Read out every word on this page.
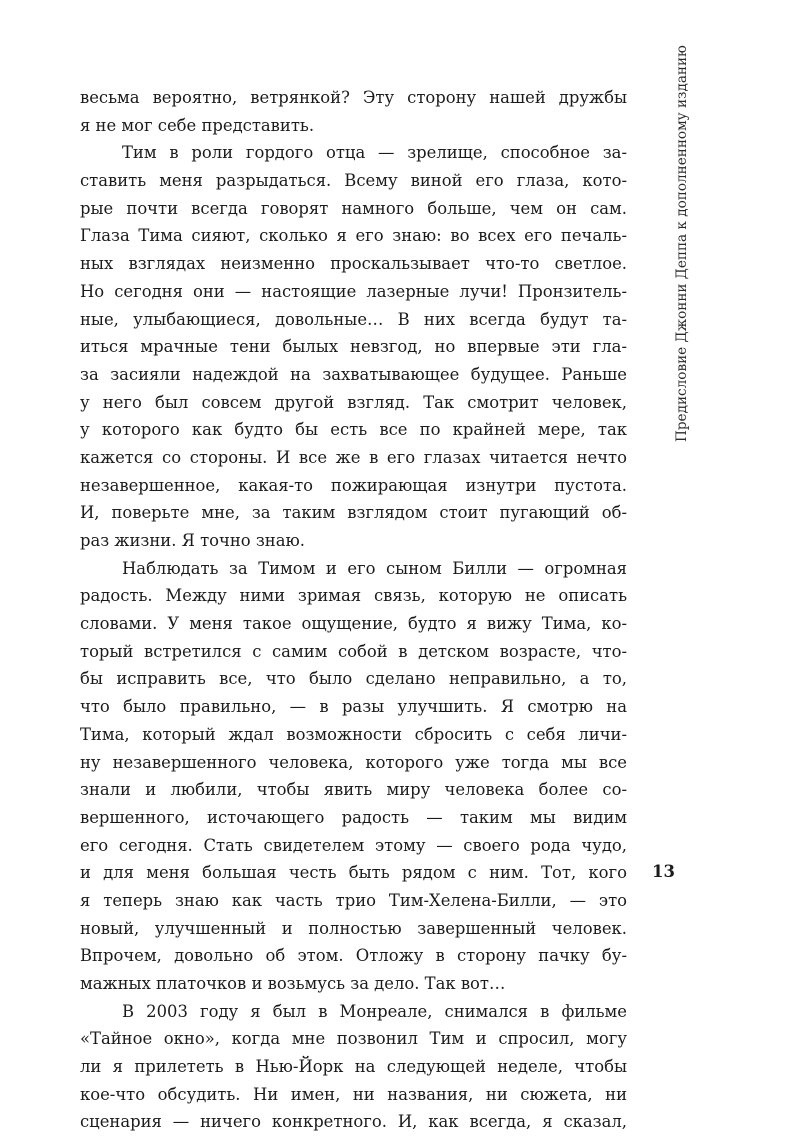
весьма вероятно, ветрянкой? Эту сторону нашей дружбы
я не мог себе представить.
Тим в роли гордого отца — зрелище, способное за-
ставить меня разрыдаться. Всему виной его глаза, кото-
рые почти всегда говорят намного больше, чем он сам.
Глаза Тима сияют, сколько я его знаю: во всех его печаль-
ных взглядах неизменно проскальзывает что-то светлое.
Но сегодня они — настоящие лазерные лучи! Пронзитель-
ные, улыбающиеся, довольные… В них всегда будут та-
иться мрачные тени былых невзгод, но впервые эти гла-
за засияли надеждой на захватывающее будущее. Раньше
у него был совсем другой взгляд. Так смотрит человек,
у которого как будто бы есть все по крайней мере, так
кажется со стороны. И все же в его глазах читается нечто
незавершенное, какая-то пожирающая изнутри пустота.
И, поверьте мне, за таким взглядом стоит пугающий об-
раз жизни. Я точно знаю.
Наблюдать за Тимом и его сыном Билли — огромная
радость. Между ними зримая связь, которую не описать
словами. У меня такое ощущение, будто я вижу Тима, ко-
торый встретился с самим собой в детском возрасте, что-
бы исправить все, что было сделано неправильно, а то,
что было правильно, — в разы улучшить. Я смотрю на
Тима, который ждал возможности сбросить с себя личи-
ну незавершенного человека, которого уже тогда мы все
знали и любили, чтобы явить миру человека более со-
вершенного, источающего радость — таким мы видим
его сегодня. Стать свидетелем этому — своего рода чудо,
и для меня большая честь быть рядом с ним. Тот, кого
я теперь знаю как часть трио Тим-Хелена-Билли, — это
новый, улучшенный и полностью завершенный человек.
Впрочем, довольно об этом. Отложу в сторону пачку бу-
мажных платочков и возьмусь за дело. Так вот…
В 2003 году я был в Монреале, снимался в фильме
«Тайное окно», когда мне позвонил Тим и спросил, могу
ли я прилететь в Нью-Йорк на следующей неделе, чтобы
кое-что обсудить. Ни имен, ни названия, ни сюжета, ни
сценария — ничего конкретного. И, как всегда, я сказал,
Предисловие Джонни Деппа к дополненному изданию
13
